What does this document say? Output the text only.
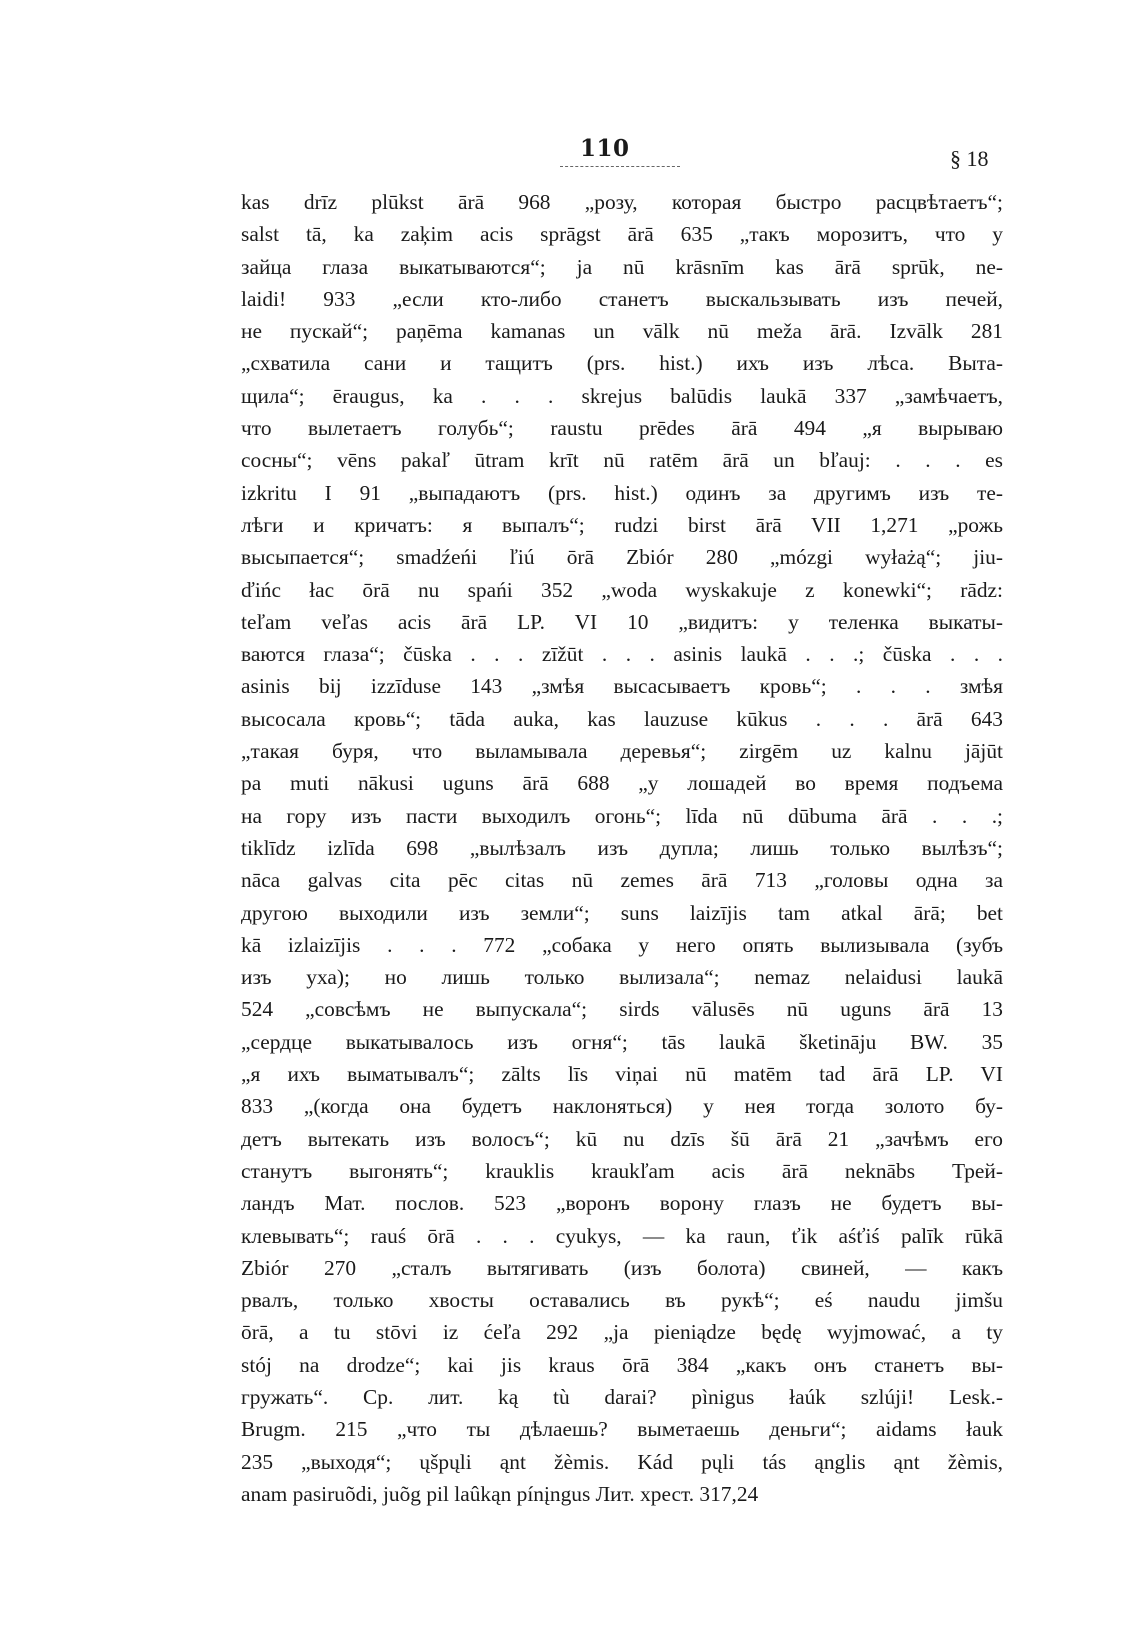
110	§ 18
kas drīz plūkst ārā 968 „розу, которая быстро расцвѣтаетъ“;
salst tā, ka zaķim acis sprāgst ārā 635 „такъ морозитъ, что у
зайца глаза выкатываются“; ja nū krāsnīm kas ārā sprūk, ne-
laidi! 933 „если кто-либо станетъ выскальзывать изъ печей,
не пускай“; paņēma kamanas un vālk nū meža ārā. Izvālk 281
„схватила сани и тащитъ (prs. hist.) ихъ изъ лѣса. Выта-
щила“; ēraugus, ka . . . skrejus balūdis laukā 337 „замѣчаетъ,
что вылетаетъ голубь“; raustu prēdes ārā 494 „я вырываю
сосны“; vēns pakaľ ūtram krīt nū ratēm ārā un bľauj: . . . es
izkritu I 91 „выпадаютъ (prs. hist.) одинъ за другимъ изъ те-
лѣги и кричатъ: я выпалъ“; rudzi birst ārā VII 1,271 „рожь
высыпается“; smadźeńi ľiú ōrā Zbiór 280 „mózgi wyłażą“; jiu-
ďińc łac ōrā nu spańi 352 „woda wyskakuje z konewki“; rādz:
teľam veľas acis ārā LP. VI 10 „видитъ: у теленка выкаты-
ваются глаза“; čūska . . . zīžūt . . . asinis laukā . . .; čūska . . .
asinis bij izzīduse 143 „змѣя высасываетъ кровь“; . . . змѣя
высосала кровь“; tāda auka, kas lauzuse kūkus . . . ārā 643
„такая буря, что выламывала деревья“; zirgēm uz kalnu jājūt
pa muti nākusi uguns ārā 688 „у лошадей во время подъема
на гору изъ пасти выходилъ огонь“; līda nū dūbuma ārā . . .;
tiklīdz izlīda 698 „вылѣзалъ изъ дупла; лишь только вылѣзъ“;
nāca galvas cita pēc citas nū zemes ārā 713 „головы одна за
другою выходили изъ земли“; suns laizījis tam atkal ārā; bet
kā izlaizījis . . . 772 „собака у него опять вылизывала (зубъ
изъ уха); но лишь только вылизала“; nemaz nelaidusi laukā
524 „совсѣмъ не выпускала“; sirds vālusēs nū uguns ārā 13
„сердце выкатывалось изъ огня“; tās laukā šketināju BW. 35
„я ихъ выматывалъ“; zālts līs viņai nū matēm tad ārā LP. VI
833 „(когда она будетъ наклоняться) у нея тогда золото бу-
детъ вытекать изъ волосъ“; kū nu dzīs šū ārā 21 „зачѣмъ его
станутъ выгонять“; krauklis kraukľam acis ārā neknābs Трей-
ландъ Мат. послов. 523 „воронъ ворону глазъ не будетъ вы-
клевывать“; rauś ōrā . . . cyukys, — ka raun, ťik aśťiś palīk rūkā
Zbiór 270 „сталъ вытягивать (изъ болота) свиней, — какъ
рвалъ, только хвосты оставались въ рукѣ“; eś naudu jimšu
ōrā, a tu stōvi iz ćeľa 292 „ja pieniądze będę wyjmować, a ty
stój na drodze“; kai jis kraus ōrā 384 „какъ онъ станетъ вы-
гружать“. Ср. лит. ką tù darai? pìnigus łaúk szlúji! Lesk.-
Brugm. 215 „что ты дѣлаешь? выметаешь деньги“; aidams łauk
235 „выходя“; ųšpųli ąnt žèmis. Kád pųli tás ąnglis ąnt žèmis,
anam pasiruõdi, juõg pil laûkąn pínįngus Лит. хрест. 317,24
